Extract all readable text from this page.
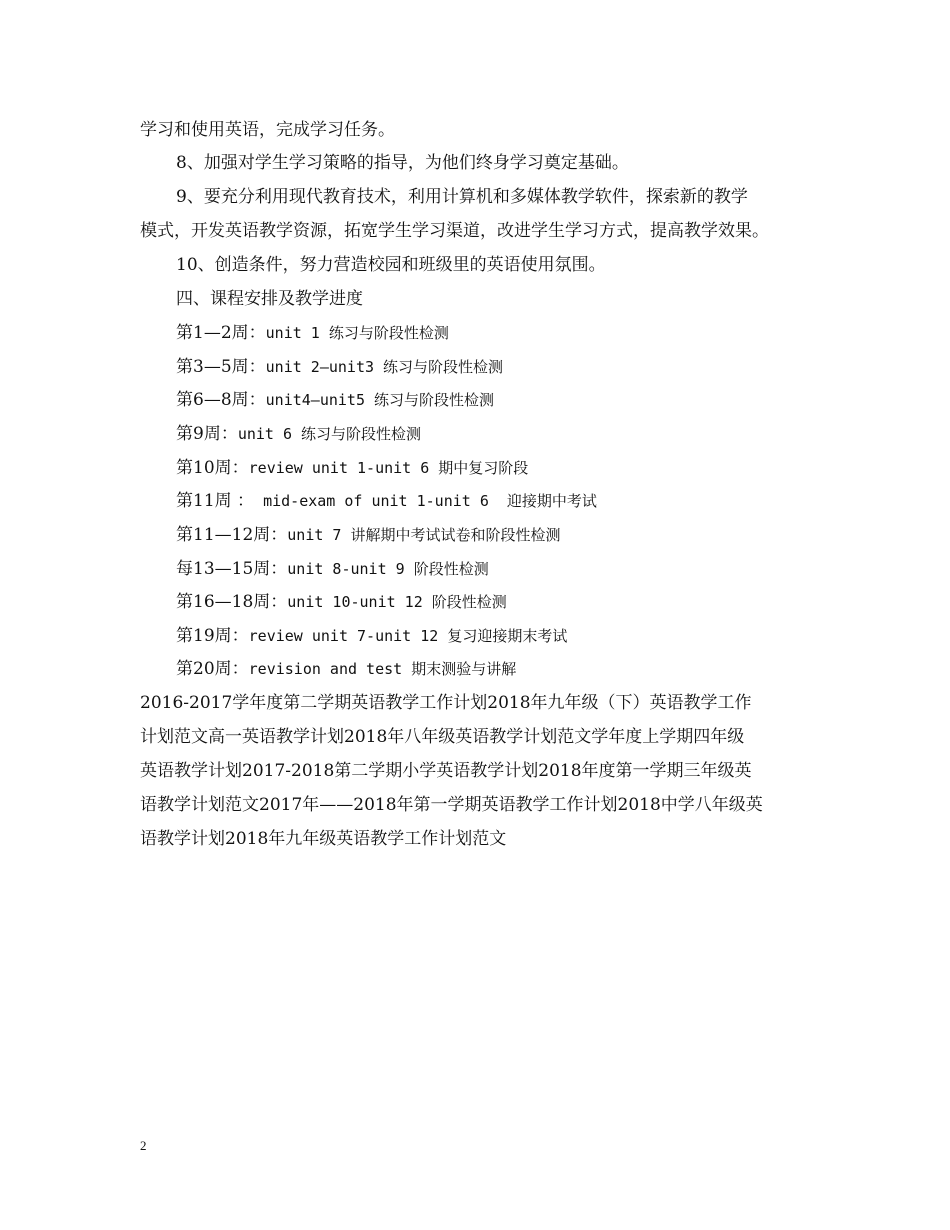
学习和使用英语，完成学习任务。
8、加强对学生学习策略的指导，为他们终身学习奠定基础。
9、要充分利用现代教育技术，利用计算机和多媒体教学软件，探索新的教学
模式，开发英语教学资源，拓宽学生学习渠道，改进学生学习方式，提高教学效果。
10、创造条件，努力营造校园和班级里的英语使用氛围。
四、课程安排及教学进度
第1—2周：unit 1 练习与阶段性检测
第3—5周：unit 2—unit3 练习与阶段性检测
第6—8周：unit4—unit5 练习与阶段性检测
第9周：unit 6 练习与阶段性检测
第10周：review unit 1-unit 6 期中复习阶段
第11周 ： mid-exam of unit 1-unit 6  迎接期中考试
第11—12周：unit 7 讲解期中考试试卷和阶段性检测
每13—15周：unit 8-unit 9 阶段性检测
第16—18周：unit 10-unit 12 阶段性检测
第19周：review unit 7-unit 12 复习迎接期末考试
第20周：revision and test 期末测验与讲解
2016-2017学年度第二学期英语教学工作计划2018年九年级（下）英语教学工作
计划范文高一英语教学计划2018年八年级英语教学计划范文学年度上学期四年级
英语教学计划2017-2018第二学期小学英语教学计划2018年度第一学期三年级英
语教学计划范文2017年——2018年第一学期英语教学工作计划2018中学八年级英
语教学计划2018年九年级英语教学工作计划范文
2
